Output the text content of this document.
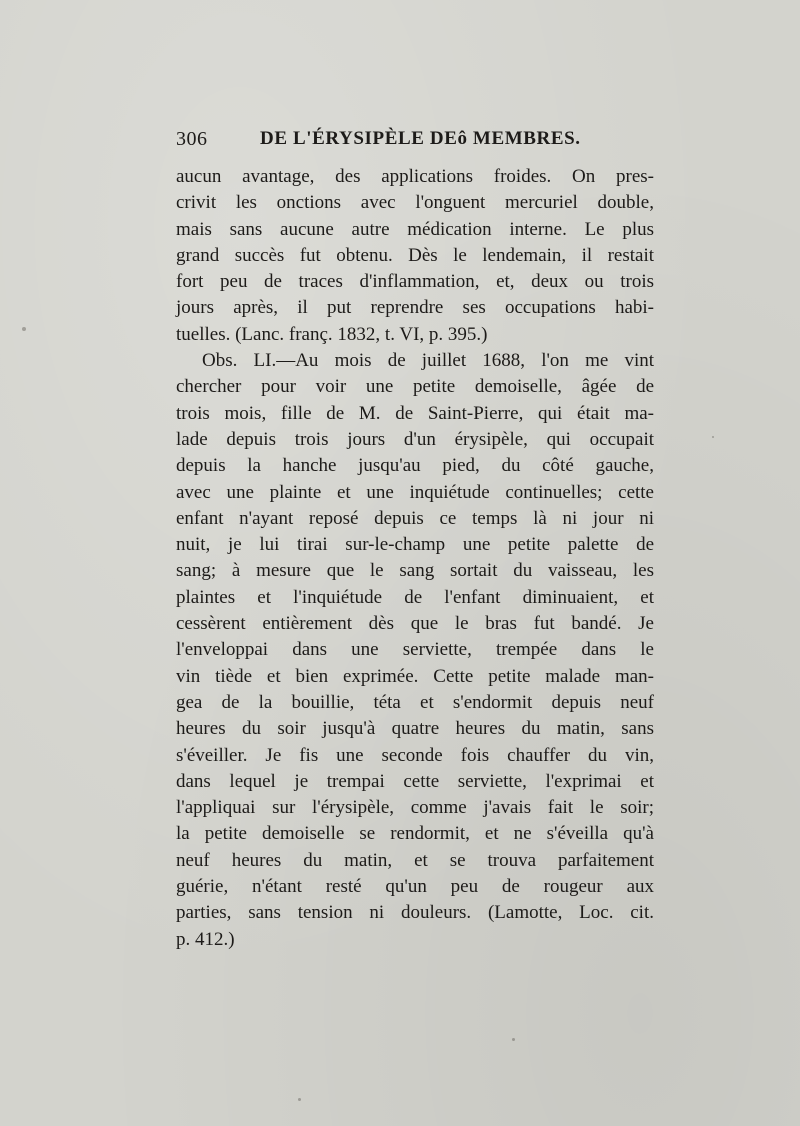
306	DE L'ÉRYSIPÈLE DEô MEMBRES.
aucun avantage, des applications froides. On pres-
crivit les onctions avec l'onguent mercuriel double,
mais sans aucune autre médication interne. Le plus
grand succès fut obtenu. Dès le lendemain, il restait
fort peu de traces d'inflammation, et, deux ou trois
jours après, il put reprendre ses occupations habi-
tuelles. (Lanc. franç. 1832, t. VI, p. 395.)
Obs. LI.—Au mois de juillet 1688, l'on me vint
chercher pour voir une petite demoiselle, âgée de
trois mois, fille de M. de Saint-Pierre, qui était ma-
lade depuis trois jours d'un érysipèle, qui occupait
depuis la hanche jusqu'au pied, du côté gauche,
avec une plainte et une inquiétude continuelles; cette
enfant n'ayant reposé depuis ce temps là ni jour ni
nuit, je lui tirai sur-le-champ une petite palette de
sang; à mesure que le sang sortait du vaisseau, les
plaintes et l'inquiétude de l'enfant diminuaient, et
cessèrent entièrement dès que le bras fut bandé. Je
l'enveloppai dans une serviette, trempée dans le
vin tiède et bien exprimée. Cette petite malade man-
gea de la bouillie, téta et s'endormit depuis neuf
heures du soir jusqu'à quatre heures du matin, sans
s'éveiller. Je fis une seconde fois chauffer du vin,
dans lequel je trempai cette serviette, l'exprimai et
l'appliquai sur l'érysipèle, comme j'avais fait le soir;
la petite demoiselle se rendormit, et ne s'éveilla qu'à
neuf heures du matin, et se trouva parfaitement
guérie, n'étant resté qu'un peu de rougeur aux
parties, sans tension ni douleurs. (Lamotte, Loc. cit.
p. 412.)
